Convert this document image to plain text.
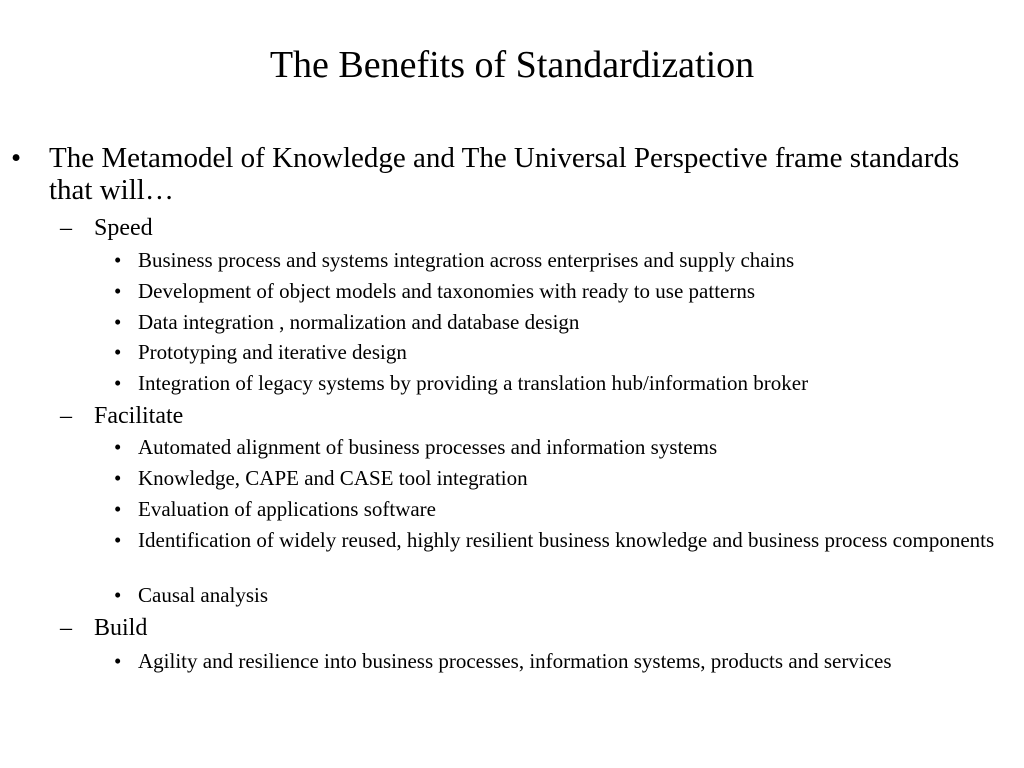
The Benefits of Standardization
• The Metamodel of Knowledge and The Universal Perspective frame standards that will…
– Speed
• Business process and systems integration across enterprises and supply chains
• Development of object models and taxonomies with ready to use patterns
• Data integration , normalization and database design
• Prototyping and iterative design
• Integration of legacy systems by providing a translation hub/information broker
– Facilitate
• Automated alignment of business processes and information systems
• Knowledge, CAPE and CASE tool integration
• Evaluation of applications software
• Identification of widely reused, highly resilient business knowledge and business process components
• Causal analysis
– Build
• Agility and resilience into business processes, information systems, products and services
